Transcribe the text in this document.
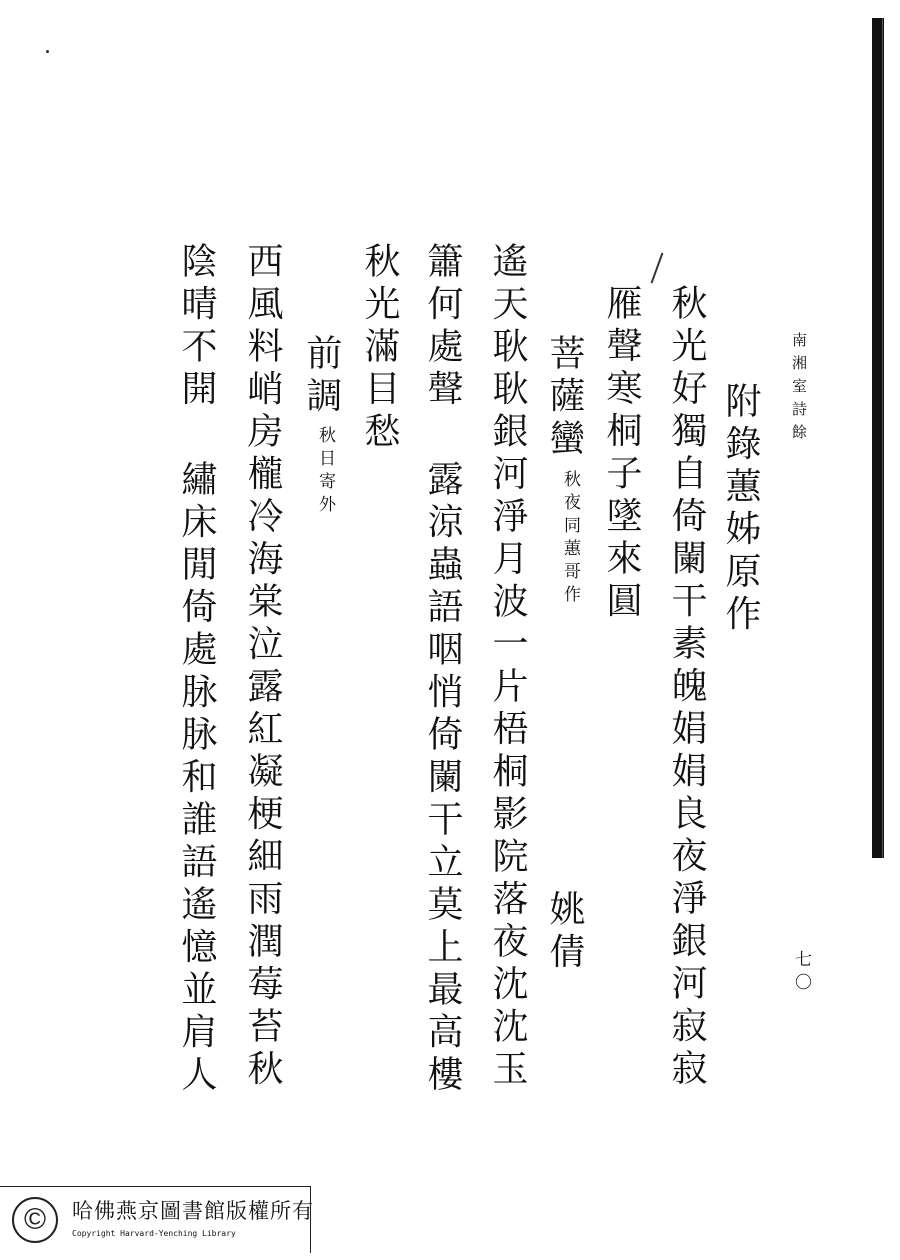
南湘室詩餘
七〇
附錄蕙姊原作
秋光好獨自倚闌干素魄娟娟良夜淨銀河寂寂
雁聲寒桐子墜來圓
菩薩蠻
秋夜同蕙哥作
姚倩
遙天耿耿銀河淨月波一片梧桐影院落夜沈沈玉
簫何處聲
露涼蟲語咽悄倚闌干立莫上最高樓
秋光滿目愁
前調
秋日寄外
西風料峭房櫳冷海棠泣露紅凝梗細雨潤莓苔秋
陰晴不開
繡床閒倚處脉脉和誰語遙憶並肩人
©	哈佛燕京圖書館版權所有
Copyright Harvard-Yenching Library
